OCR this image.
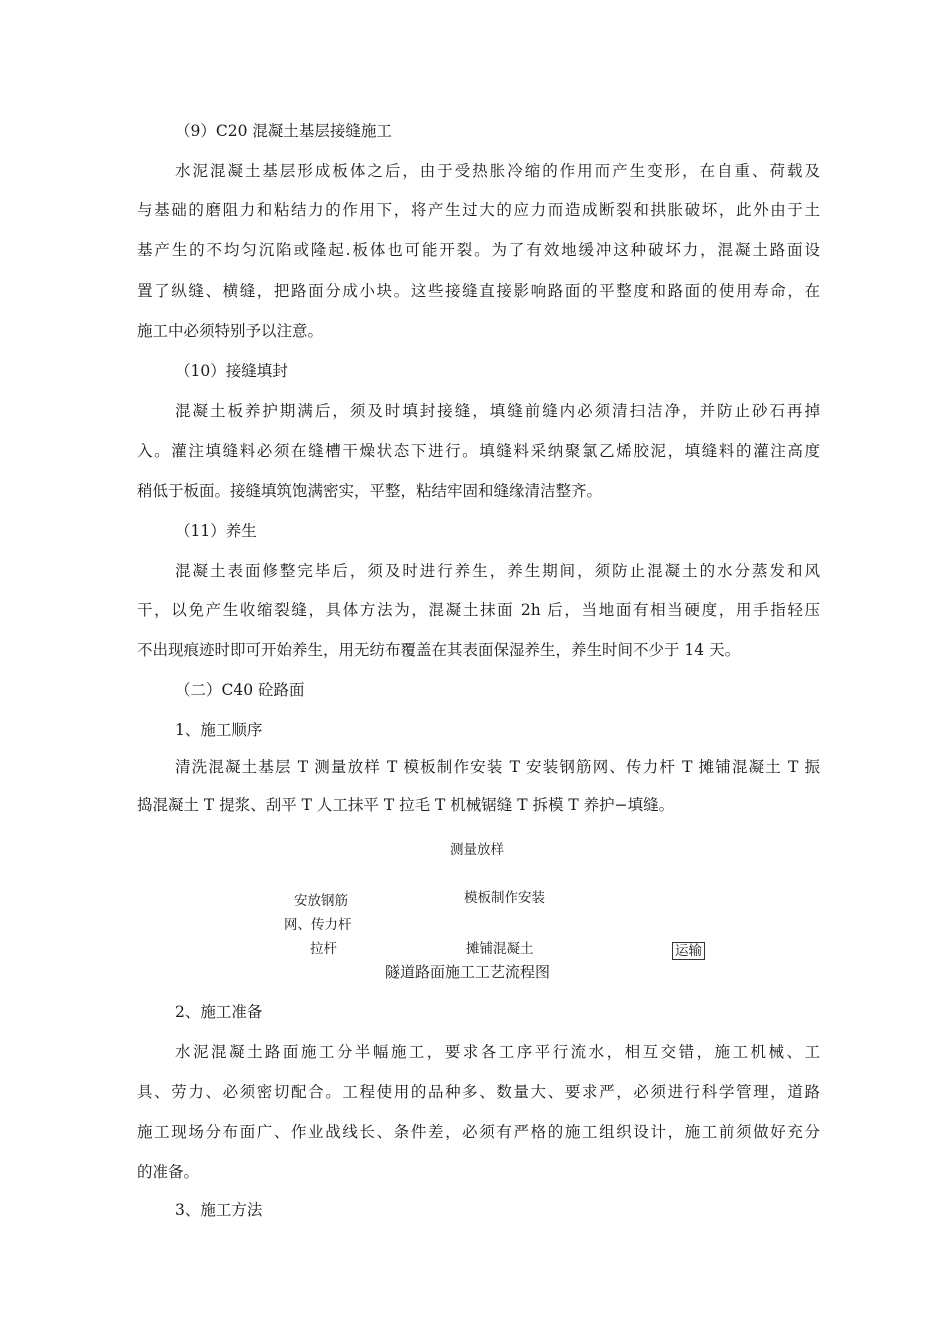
（9）C20 混凝土基层接缝施工
水泥混凝土基层形成板体之后，由于受热胀冷缩的作用而产生变形，在自重、荷载及
与基础的磨阻力和粘结力的作用下，将产生过大的应力而造成断裂和拱胀破坏，此外由于土
基产生的不均匀沉陷或隆起.板体也可能开裂。为了有效地缓冲这种破坏力，混凝土路面设
置了纵缝、横缝，把路面分成小块。这些接缝直接影响路面的平整度和路面的使用寿命，在
施工中必须特别予以注意。
（10）接缝填封
混凝土板养护期满后，须及时填封接缝，填缝前缝内必须清扫洁净，并防止砂石再掉
入。灌注填缝料必须在缝槽干燥状态下进行。填缝料采纳聚氯乙烯胶泥，填缝料的灌注高度
稍低于板面。接缝填筑饱满密实，平整，粘结牢固和缝缘清洁整齐。
（11）养生
混凝土表面修整完毕后，须及时进行养生，养生期间，须防止混凝土的水分蒸发和风
干，以免产生收缩裂缝，具体方法为，混凝土抹面 2h 后，当地面有相当硬度，用手指轻压
不出现痕迹时即可开始养生，用无纺布覆盖在其表面保湿养生，养生时间不少于 14 天。
（二）C40 砼路面
1、施工顺序
清洗混凝土基层 T 测量放样 T 模板制作安装 T 安装钢筋网、传力杆 T 摊铺混凝土 T 振
捣混凝土 T 提浆、刮平 T 人工抹平 T 拉毛 T 机械锯缝 T 拆模 T 养护−填缝。
测量放样
模板制作安装
安放钢筋
网、传力杆
拉杆	摊铺混凝土	运输
隧道路面施工工艺流程图
2、施工准备
水泥混凝土路面施工分半幅施工，要求各工序平行流水，相互交错，施工机械、工
具、劳力、必须密切配合。工程使用的品种多、数量大、要求严，必须进行科学管理，道路
施工现场分布面广、作业战线长、条件差，必须有严格的施工组织设计，施工前须做好充分
的准备。
3、施工方法
